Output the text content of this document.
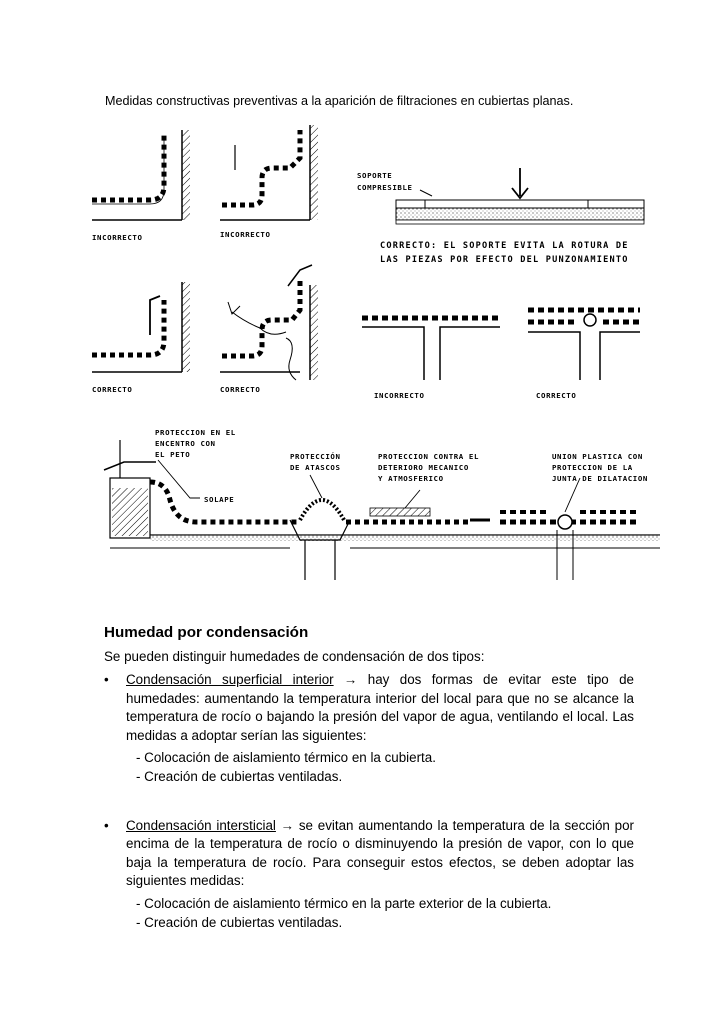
Medidas constructivas preventivas a la aparición de filtraciones en cubiertas planas.
INCORRECTO	INCORRECTO
SOPORTE
COMPRESIBLE
CORRECTO: EL SOPORTE EVITA LA ROTURA DE
LAS PIEZAS POR EFECTO DEL PUNZONAMIENTO
CORRECTO	CORRECTO
INCORRECTO	CORRECTO
PROTECCION EN EL
ENCENTRO CON
EL PETO
SOLAPE
PROTECCIÓN
DE ATASCOS
PROTECCION CONTRA EL
DETERIORO MECANICO
Y ATMOSFERICO
UNION PLASTICA CON
PROTECCION DE LA
JUNTA DE DILATACION
Humedad por condensación
Se pueden distinguir humedades de condensación de dos tipos:
• Condensación superficial interior → hay dos formas de evitar este tipo de humedades: aumentando la temperatura interior del local para que no se alcance la temperatura de rocío o bajando la presión del vapor de agua, ventilando el local. Las medidas a adoptar serían las siguientes:
- Colocación de aislamiento térmico en la cubierta.
- Creación de cubiertas ventiladas.
• Condensación intersticial → se evitan aumentando la temperatura de la sección por encima de la temperatura de rocío o disminuyendo la presión de vapor, con lo que baja la temperatura de rocío. Para conseguir estos efectos, se deben adoptar las siguientes medidas:
- Colocación de aislamiento térmico en la parte exterior de la cubierta.
- Creación de cubiertas ventiladas.
